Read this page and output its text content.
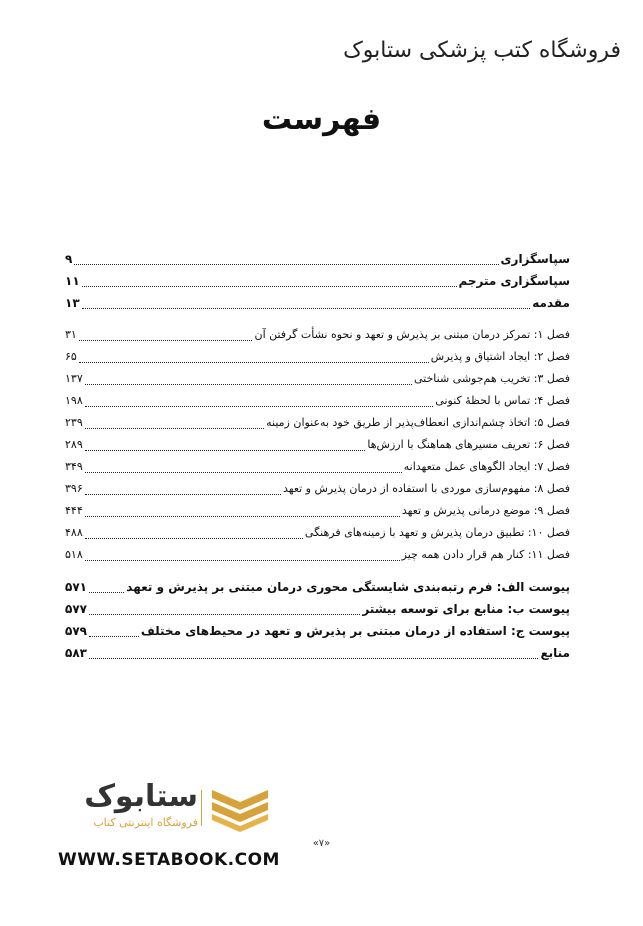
فروشگاه کتب پزشکی ستابوک
فهرست
سپاسگزاری
۹
سپاسگزاری مترجم
۱۱
مقدمه
۱۳
فصل ۱: تمرکز درمان مبتنی بر پذیرش و تعهد و نحوه نشأت گرفتن آن
۳۱
فصل ۲: ایجاد اشتیاق و پذیرش
۶۵
فصل ۳: تخریب هم‌جوشی شناختی
۱۳۷
فصل ۴: تماس با لحظهٔ کنونی
۱۹۸
فصل ۵: اتخاذ چشم‌اندازی انعطاف‌پذیر از طریق خود به‌عنوان زمینه
۲۳۹
فصل ۶: تعریف مسیرهای هماهنگ با ارزش‌ها
۲۸۹
فصل ۷: ایجاد الگوهای عمل متعهدانه
۳۴۹
فصل ۸: مفهوم‌سازی موردی با استفاده از درمان پذیرش و تعهد
۳۹۶
فصل ۹: موضع درمانی پذیرش و تعهد
۴۴۴
فصل ۱۰: تطبیق درمان پذیرش و تعهد با زمینه‌های فرهنگی
۴۸۸
فصل ۱۱: کنار هم قرار دادن همه چیز
۵۱۸
پیوست الف: فرم رتبه‌بندی شایستگی محوری درمان مبتنی بر پذیرش و تعهد
۵۷۱
پیوست ب: منابع برای توسعه بیشتر
۵۷۷
پیوست ج: استفاده از درمان مبتنی بر پذیرش و تعهد در محیط‌های مختلف
۵۷۹
منابع
۵۸۳
«۷»
ستابوک
فروشگاه اینترنتی کتاب
WWW.SETABOOK.COM
